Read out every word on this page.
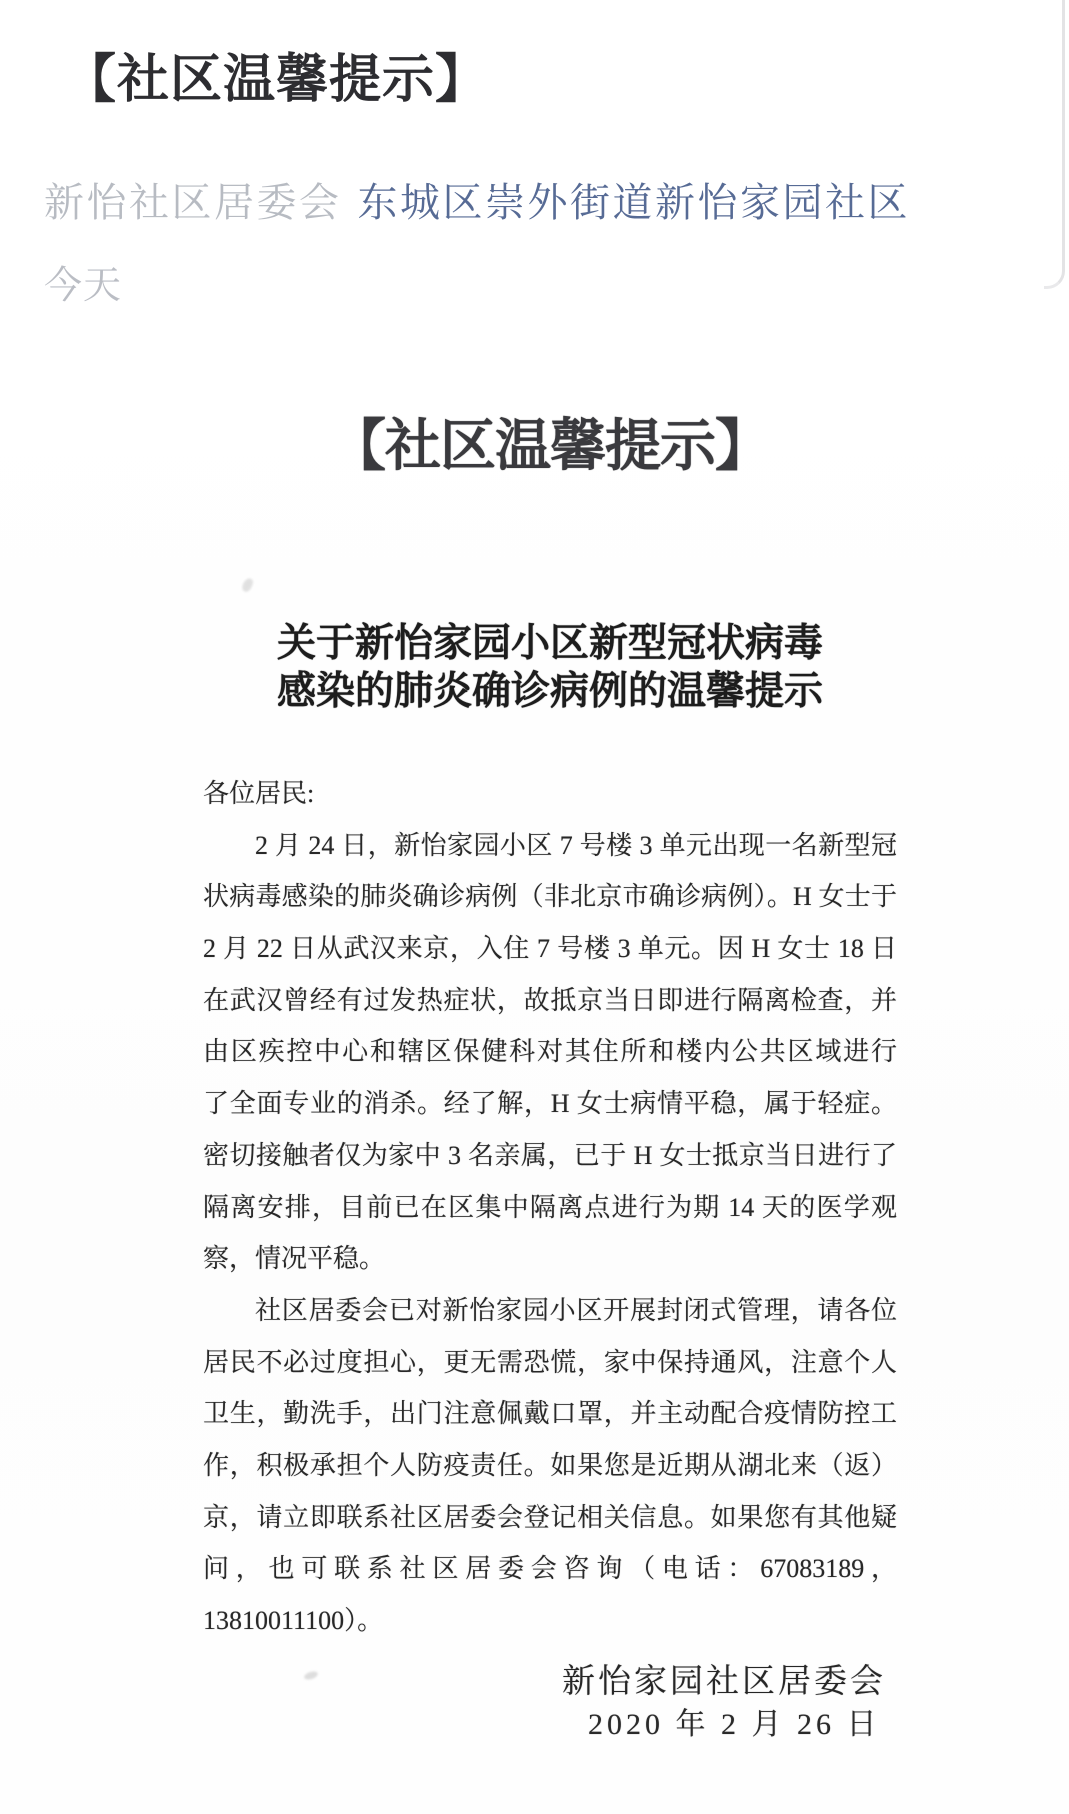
【社区温馨提示】
新怡社区居委会 东城区崇外街道新怡家园社区
今天
【社区温馨提示】
关于新怡家园小区新型冠状病毒
感染的肺炎确诊病例的温馨提示
各位居民:
2 月 24 日，新怡家园小区 7 号楼 3 单元出现一名新型冠
状病毒感染的肺炎确诊病例（非北京市确诊病例）。H 女士于
2 月 22 日从武汉来京，入住 7 号楼 3 单元。因 H 女士 18 日
在武汉曾经有过发热症状，故抵京当日即进行隔离检查，并
由区疾控中心和辖区保健科对其住所和楼内公共区域进行
了全面专业的消杀。经了解，H 女士病情平稳，属于轻症。
密切接触者仅为家中 3 名亲属，已于 H 女士抵京当日进行了
隔离安排，目前已在区集中隔离点进行为期 14 天的医学观
察，情况平稳。
社区居委会已对新怡家园小区开展封闭式管理，请各位
居民不必过度担心，更无需恐慌，家中保持通风，注意个人
卫生，勤洗手，出门注意佩戴口罩，并主动配合疫情防控工
作，积极承担个人防疫责任。如果您是近期从湖北来（返）
京，请立即联系社区居委会登记相关信息。如果您有其他疑
问，也可联系社区居委会咨询（电话：67083189，
13810011100）。
新怡家园社区居委会
2020 年 2 月 26 日
